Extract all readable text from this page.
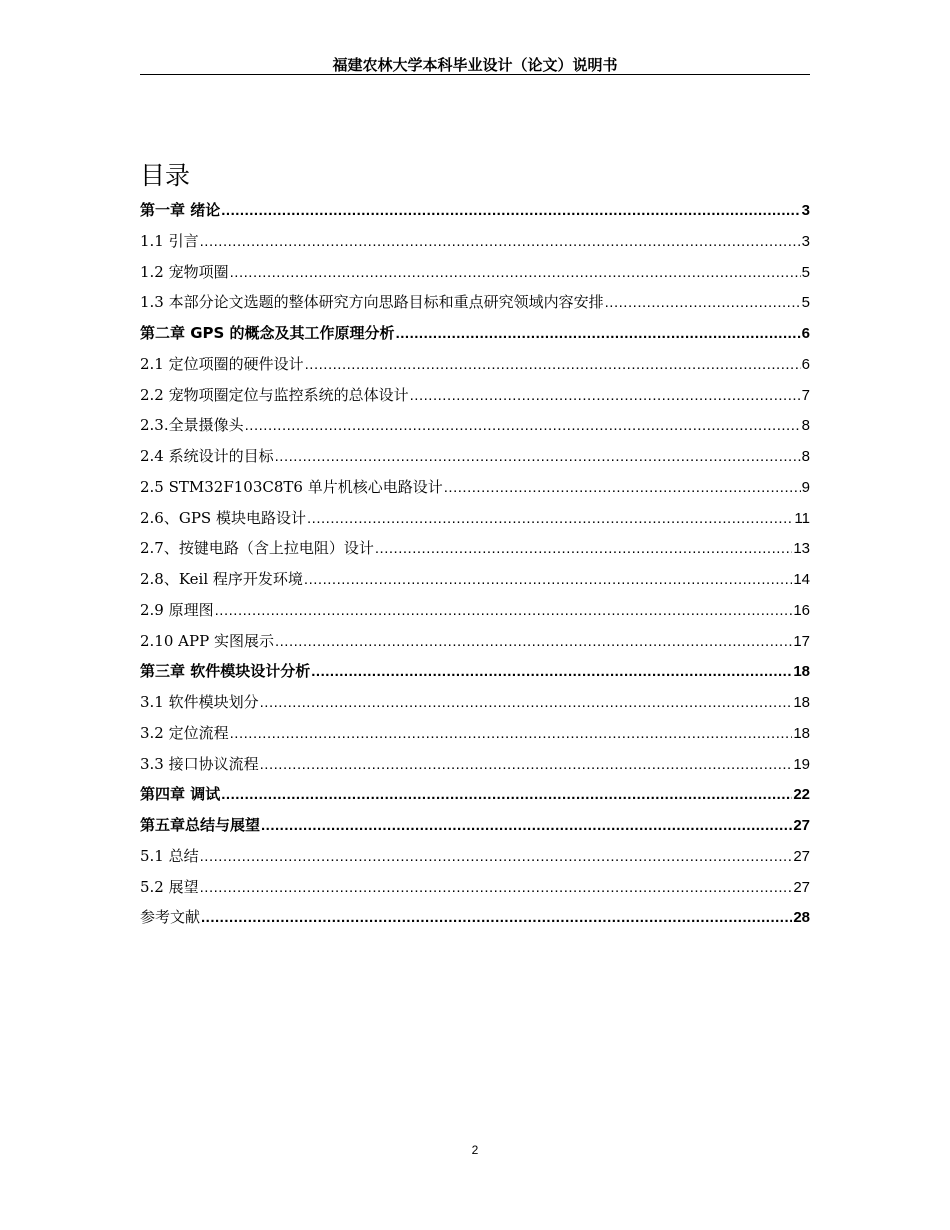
福建农林大学本科毕业设计（论文）说明书
目录
第一章 绪论 .....	3
1.1 引言 .....	3
1.2 宠物项圈 .....	5
1.3 本部分论文选题的整体研究方向思路目标和重点研究领域内容安排 .....	5
第二章 GPS 的概念及其工作原理分析 .....	6
2.1 定位项圈的硬件设计 .....	6
2.2 宠物项圈定位与监控系统的总体设计 .....	7
2.3.全景摄像头 .....	8
2.4 系统设计的目标 .....	8
2.5 STM32F103C8T6 单片机核心电路设计 .....	9
2.6、GPS 模块电路设计 .....	11
2.7、按键电路（含上拉电阻）设计 .....	13
2.8、Keil 程序开发环境 .....	14
2.9 原理图 .....	16
2.10 APP 实图展示 .....	17
第三章 软件模块设计分析 .....	18
3.1 软件模块划分 .....	18
3.2 定位流程 .....	18
3.3 接口协议流程 .....	19
第四章 调试 .....	22
第五章总结与展望 .....	27
5.1 总结 .....	27
5.2 展望 .....	27
参考文献 .....	28
2
